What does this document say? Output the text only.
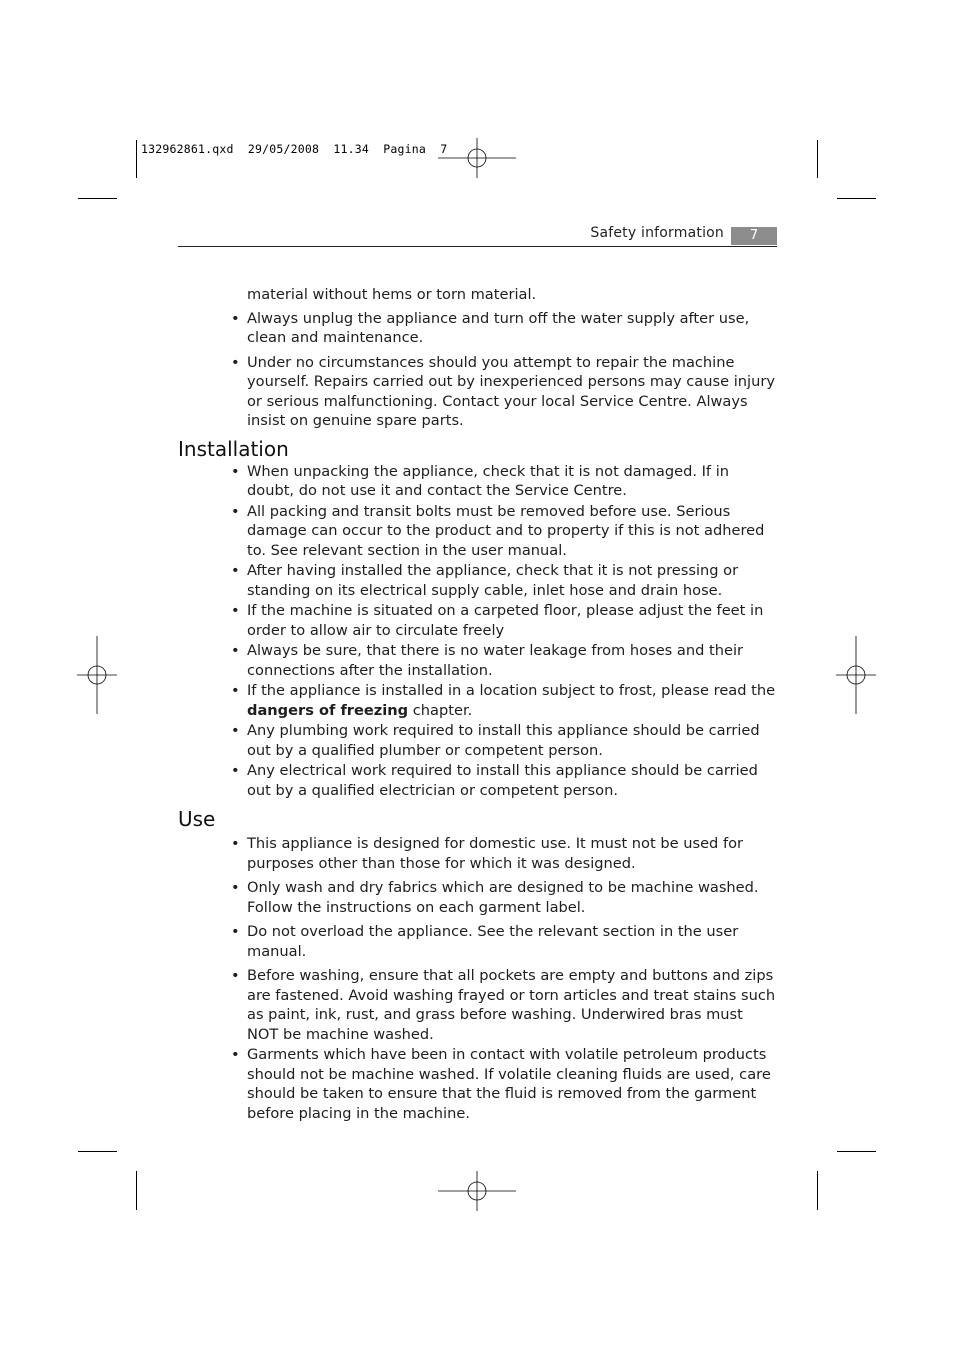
132962861.qxd  29/05/2008  11.34  Pagina  7
Safety information	7
material without hems or torn material.
• Always unplug the appliance and turn off the water supply after use, clean and maintenance.
• Under no circumstances should you attempt to repair the machine yourself. Repairs carried out by inexperienced persons may cause injury or serious malfunctioning. Contact your local Service Centre. Always insist on genuine spare parts.
Installation
• When unpacking the appliance, check that it is not damaged. If in doubt, do not use it and contact the Service Centre.
• All packing and transit bolts must be removed before use. Serious damage can occur to the product and to property if this is not adhered to. See relevant section in the user manual.
• After having installed the appliance, check that it is not pressing or standing on its electrical supply cable, inlet hose and drain hose.
• If the machine is situated on a carpeted floor, please adjust the feet in order to allow air to circulate freely
• Always be sure, that there is no water leakage from hoses and their connections after the installation.
• If the appliance is installed in a location subject to frost, please read the dangers of freezing chapter.
• Any plumbing work required to install this appliance should be carried out by a qualified plumber or competent person.
• Any electrical work required to install this appliance should be carried out by a qualified electrician or competent person.
Use
• This appliance is designed for domestic use. It must not be used for purposes other than those for which it was designed.
• Only wash and dry fabrics which are designed to be machine washed. Follow the instructions on each garment label.
• Do not overload the appliance. See the relevant section in the user manual.
• Before washing, ensure that all pockets are empty and buttons and zips are fastened. Avoid washing frayed or torn articles and treat stains such as paint, ink, rust, and grass before washing. Underwired bras must NOT be machine washed.
• Garments which have been in contact with volatile petroleum products should not be machine washed. If volatile cleaning fluids are used, care should be taken to ensure that the fluid is removed from the garment before placing in the machine.
